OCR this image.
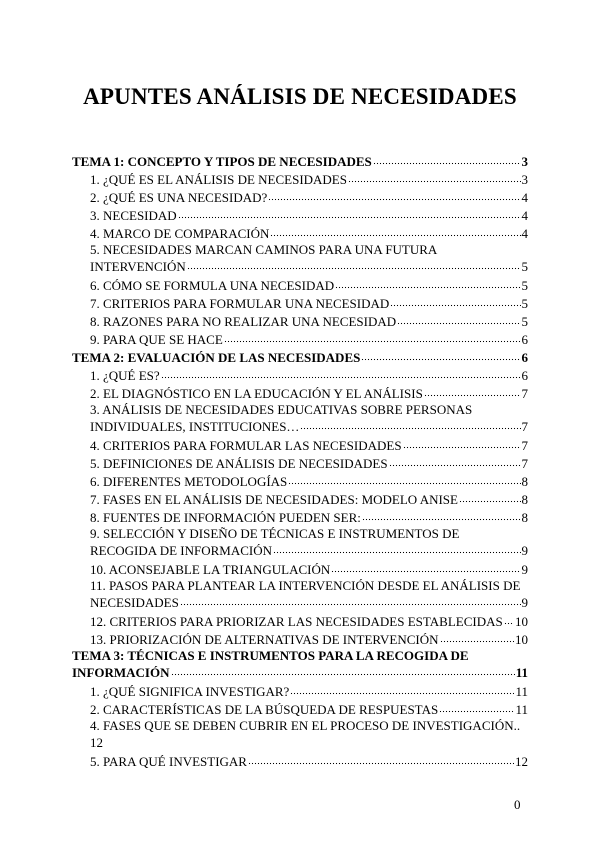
APUNTES ANÁLISIS DE NECESIDADES
TEMA 1: CONCEPTO Y TIPOS DE NECESIDADES	3
1. ¿QUÉ ES EL ANÁLISIS DE NECESIDADES	3
2. ¿QUÉ ES UNA NECESIDAD?	4
3. NECESIDAD	4
4. MARCO DE COMPARACIÓN	4
5. NECESIDADES MARCAN CAMINOS PARA UNA FUTURA
INTERVENCIÓN	5
6. CÓMO SE FORMULA UNA NECESIDAD	5
7. CRITERIOS PARA FORMULAR UNA NECESIDAD	5
8. RAZONES PARA NO REALIZAR UNA NECESIDAD	5
9. PARA QUE SE HACE	6
TEMA 2: EVALUACIÓN DE LAS NECESIDADES	6
1. ¿QUÉ ES?	6
2. EL DIAGNÓSTICO EN LA EDUCACIÓN Y EL ANÁLISIS	7
3. ANÁLISIS DE NECESIDADES EDUCATIVAS SOBRE PERSONAS
INDIVIDUALES, INSTITUCIONES…	7
4. CRITERIOS PARA FORMULAR LAS NECESIDADES	7
5. DEFINICIONES DE ANÁLISIS DE NECESIDADES	7
6. DIFERENTES METODOLOGÍAS	8
7. FASES EN EL ANÁLISIS DE NECESIDADES: MODELO ANISE	8
8. FUENTES DE INFORMACIÓN PUEDEN SER:	8
9. SELECCIÓN Y DISEÑO DE TÉCNICAS E INSTRUMENTOS DE
RECOGIDA DE INFORMACIÓN	9
10. ACONSEJABLE LA TRIANGULACIÓN	9
11. PASOS PARA PLANTEAR LA INTERVENCIÓN DESDE EL ANÁLISIS DE
NECESIDADES	9
12. CRITERIOS PARA PRIORIZAR LAS NECESIDADES ESTABLECIDAS 10
13. PRIORIZACIÓN DE ALTERNATIVAS DE INTERVENCIÓN	10
TEMA 3: TÉCNICAS E INSTRUMENTOS PARA LA RECOGIDA DE
INFORMACIÓN	11
1. ¿QUÉ SIGNIFICA INVESTIGAR?	11
2. CARACTERÍSTICAS DE LA BÚSQUEDA DE RESPUESTAS	11
4. FASES QUE SE DEBEN CUBRIR EN EL PROCESO DE INVESTIGACIÓN..
12
5. PARA QUÉ INVESTIGAR	12
0
